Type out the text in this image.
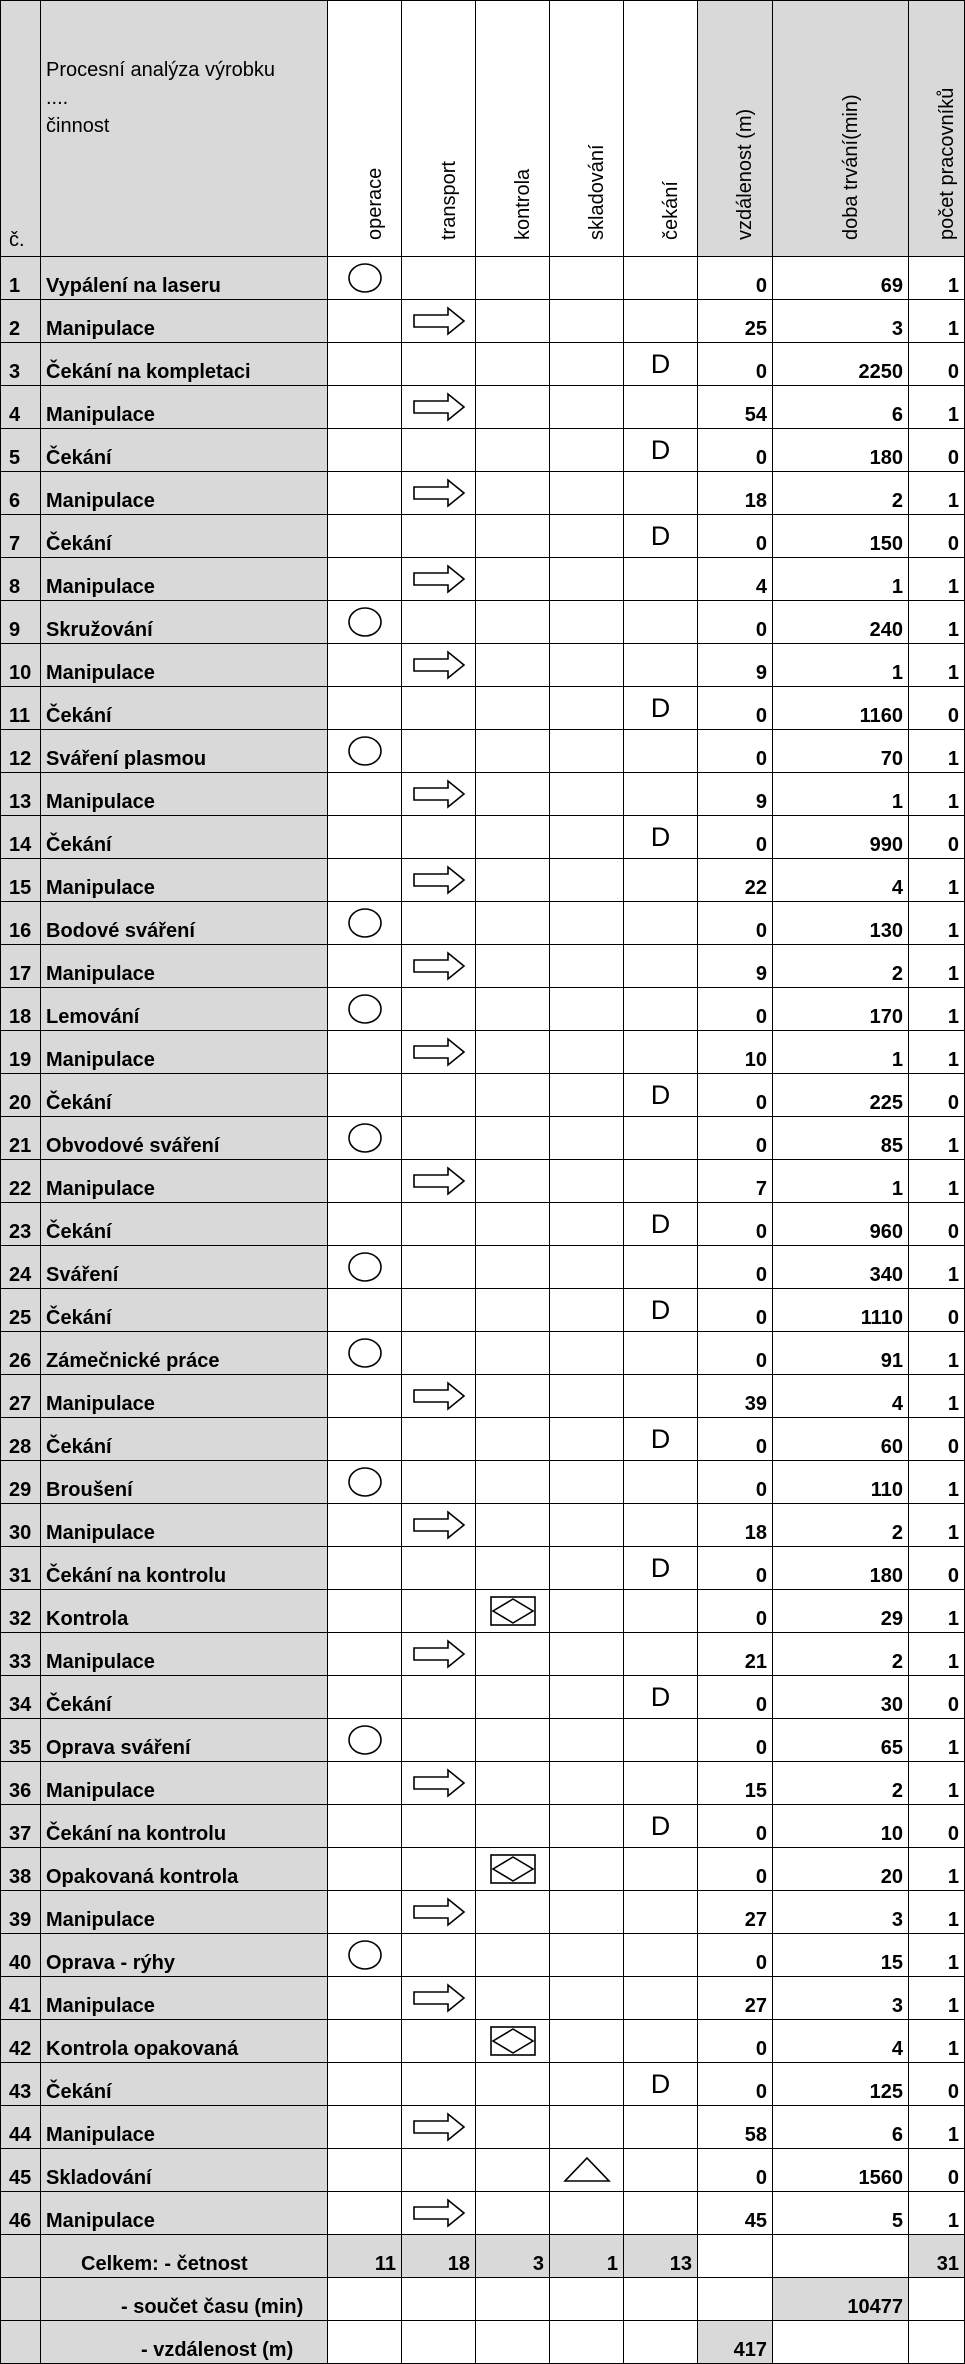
č.	Procesní analýza výrobku
....
činnost	operace	transport	kontrola	skladování	čekání	vzdálenost (m)	doba trvání(min)	počet pracovníků

1	Vypálení na laseru						0	69	1
2	Manipulace						25	3	1
3	Čekání na kompletaci					D	0	2250	0
4	Manipulace						54	6	1
5	Čekání					D	0	180	0
6	Manipulace						18	2	1
7	Čekání					D	0	150	0
8	Manipulace						4	1	1
9	Skružování						0	240	1
10	Manipulace						9	1	1
11	Čekání					D	0	1160	0
12	Sváření plasmou						0	70	1
13	Manipulace						9	1	1
14	Čekání					D	0	990	0
15	Manipulace						22	4	1
16	Bodové sváření						0	130	1
17	Manipulace						9	2	1
18	Lemování						0	170	1
19	Manipulace						10	1	1
20	Čekání					D	0	225	0
21	Obvodové sváření						0	85	1
22	Manipulace						7	1	1
23	Čekání					D	0	960	0
24	Sváření						0	340	1
25	Čekání					D	0	1110	0
26	Zámečnické práce						0	91	1
27	Manipulace						39	4	1
28	Čekání					D	0	60	0
29	Broušení						0	110	1
30	Manipulace						18	2	1
31	Čekání na kontrolu					D	0	180	0
32	Kontrola						0	29	1
33	Manipulace						21	2	1
34	Čekání					D	0	30	0
35	Oprava sváření						0	65	1
36	Manipulace						15	2	1
37	Čekání na kontrolu					D	0	10	0
38	Opakovaná kontrola						0	20	1
39	Manipulace						27	3	1
40	Oprava - rýhy						0	15	1
41	Manipulace						27	3	1
42	Kontrola opakovaná						0	4	1
43	Čekání					D	0	125	0
44	Manipulace						58	6	1
45	Skladování						0	1560	0
46	Manipulace						45	5	1
	Celkem: - četnost	11	18	3	1	13			31
	- součet času (min)							10477	
	- vzdálenost (m)						417		
